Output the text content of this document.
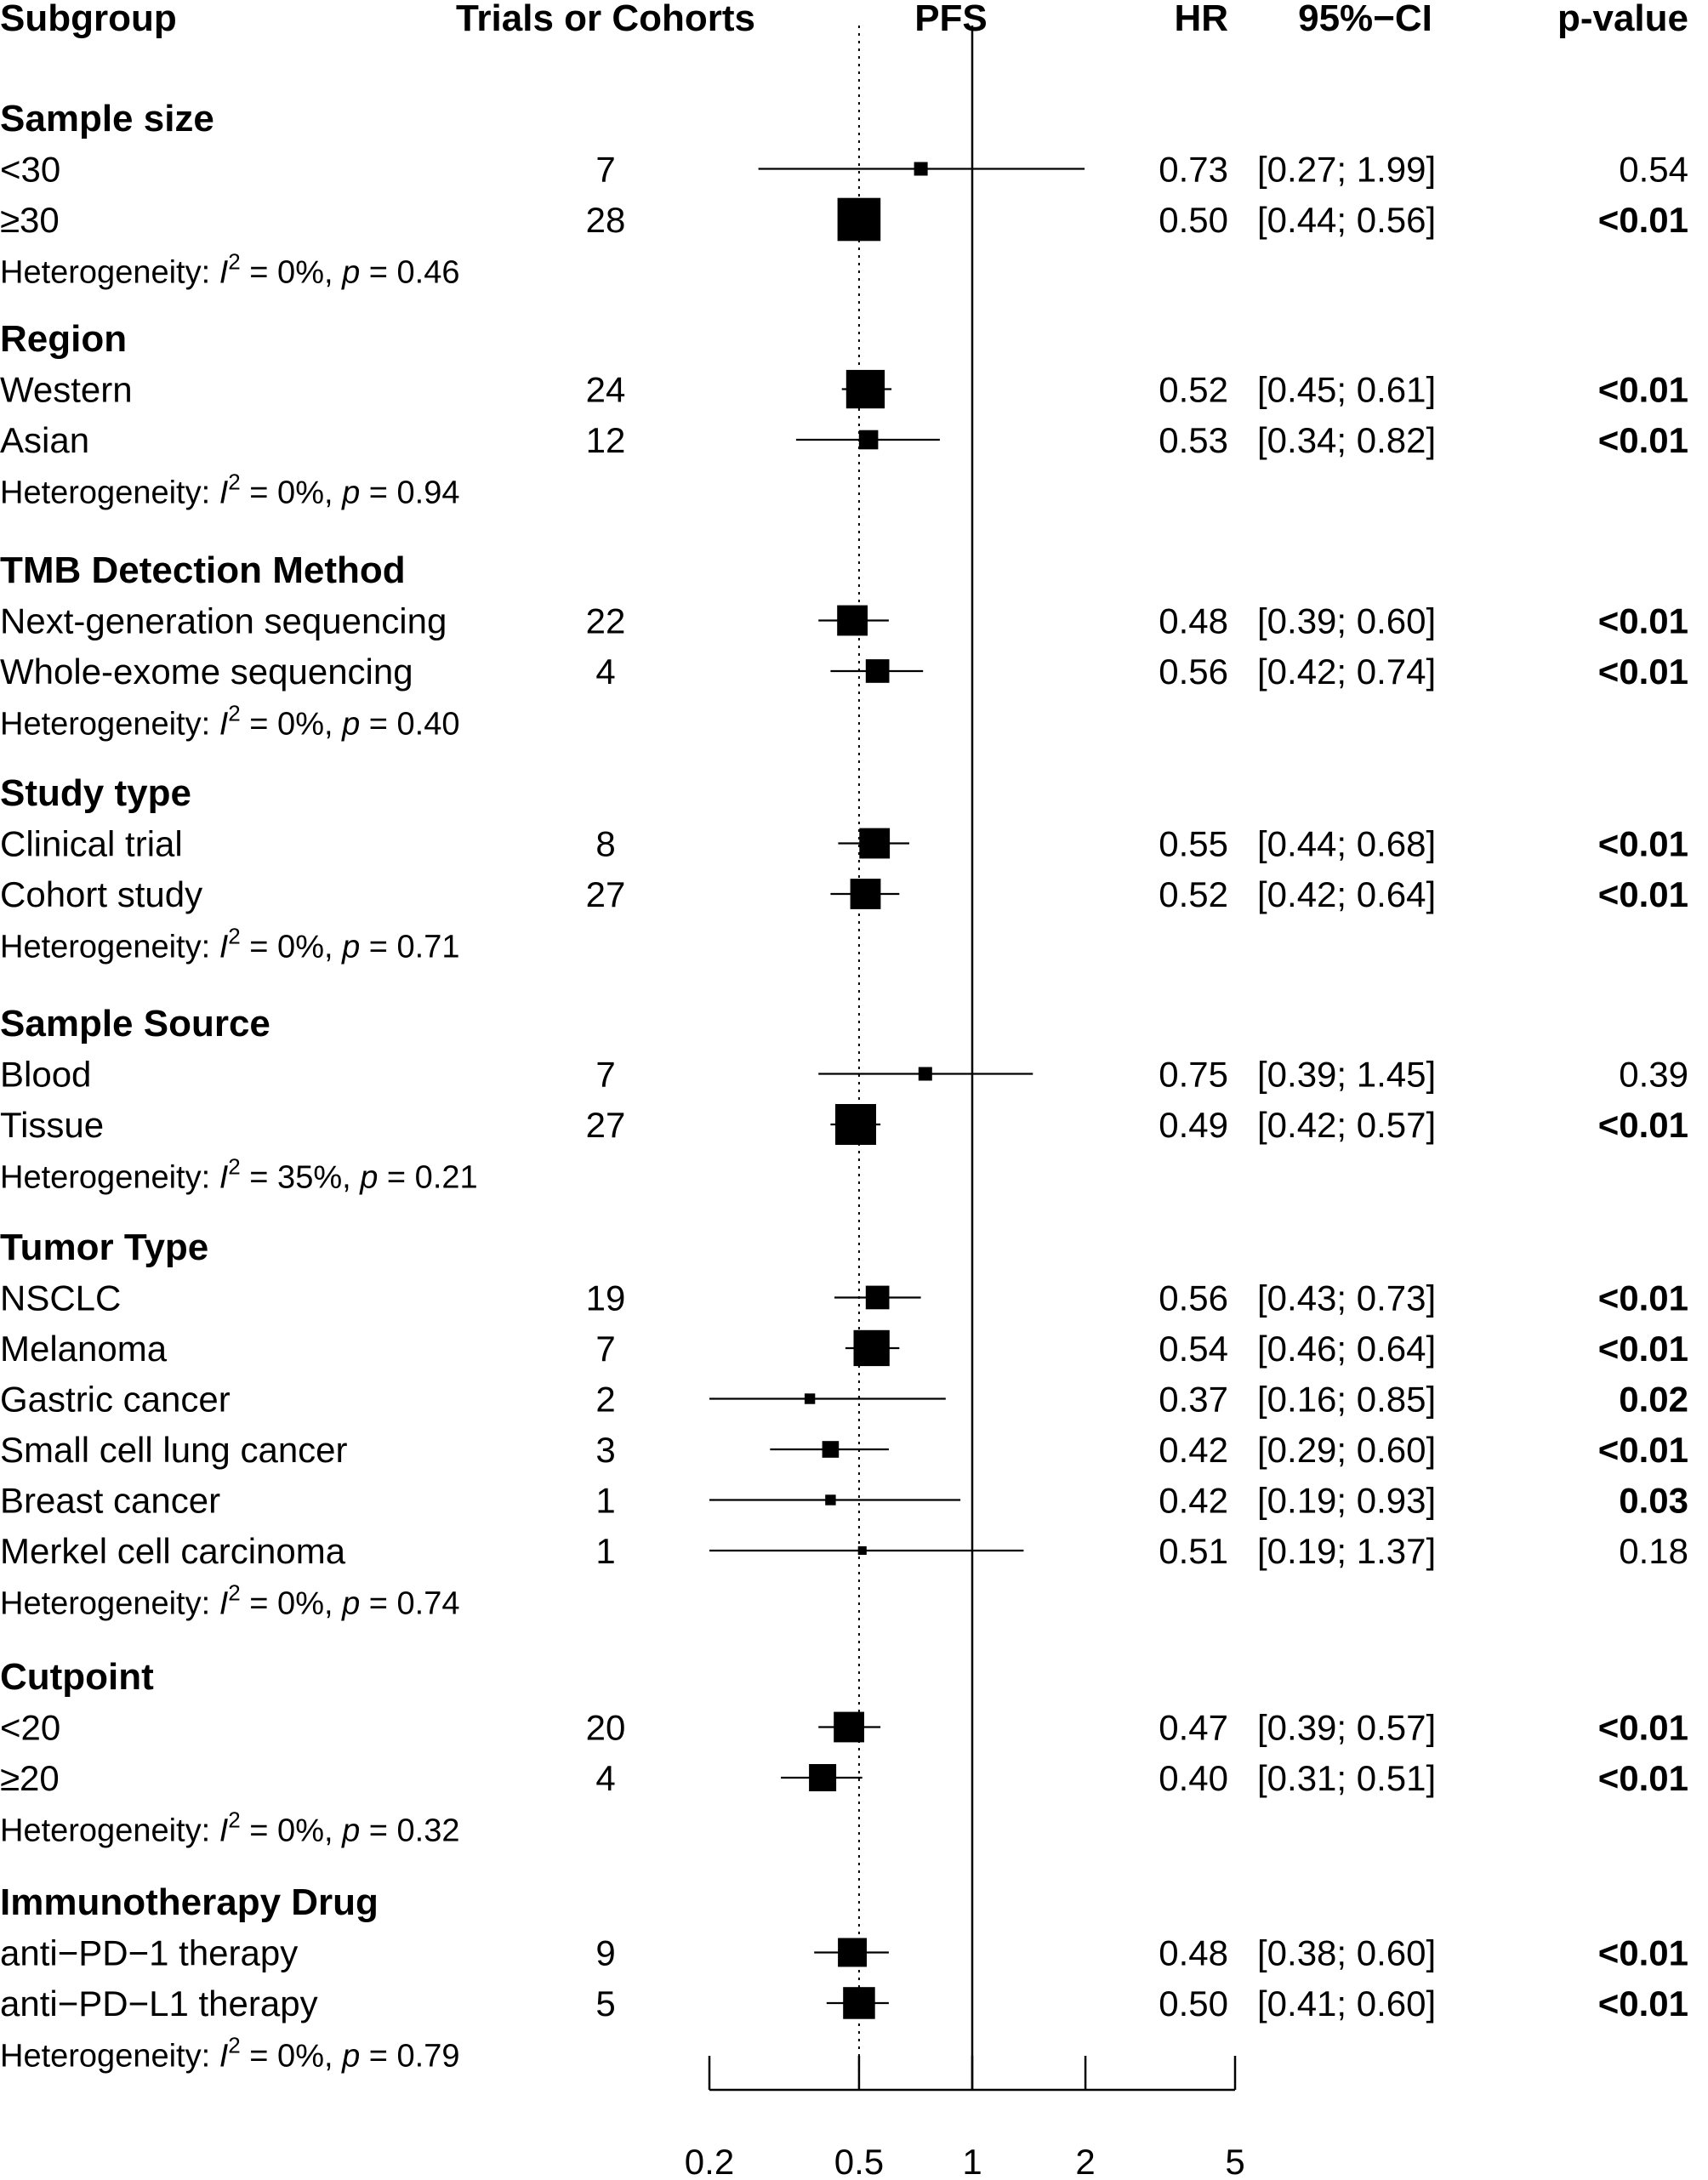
Subgroup	Trials or Cohorts	PFS	HR 95%−CI	p-value
Sample size
<30	7	0.73 [0.27; 1.99]	0.54
≥30	28	0.50 [0.44; 0.56]	<0.01
Heterogeneity: $I^2 = 0\%$, p = 0.46
Region
Western	24	0.52 [0.45; 0.61]	<0.01
Asian	12	0.53 [0.34; 0.82]	<0.01
Heterogeneity: $I^2 = 0\%$, p = 0.94
TMB Detection Method
Next-generation sequencing	22	0.48 [0.39; 0.60]	<0.01
Whole-exome sequencing	4	0.56 [0.42; 0.74]	<0.01
Heterogeneity: $I^2 = 0\%$, p = 0.40
Study type
Clinical trial	8	0.55 [0.44; 0.68]	<0.01
Cohort study	27	0.52 [0.42; 0.64]	<0.01
Heterogeneity: $I^2 = 0\%$, p = 0.71
Sample Source
Blood	7	0.75 [0.39; 1.45]	0.39
Tissue	27	0.49 [0.42; 0.57]	<0.01
Heterogeneity: $I^2 = 35\%$, p = 0.21
Tumor Type
NSCLC	19	0.56 [0.43; 0.73]	<0.01
Melanoma	7	0.54 [0.46; 0.64]	<0.01
Gastric cancer	2	0.37 [0.16; 0.85]	0.02
Small cell lung cancer	3	0.42 [0.29; 0.60]	<0.01
Breast cancer	1	0.42 [0.19; 0.93]	0.03
Merkel cell carcinoma	1	0.51 [0.19; 1.37]	0.18
Heterogeneity: $I^2 = 0\%$, p = 0.74
Cutpoint
<20	20	0.47 [0.39; 0.57]	<0.01
≥20	4	0.40 [0.31; 0.51]	<0.01
Heterogeneity: $I^2 = 0\%$, p = 0.32
Immunotherapy Drug
anti−PD−1 therapy	9	0.48 [0.38; 0.60]	<0.01
anti−PD−L1 therapy	5	0.50 [0.41; 0.60]	<0.01
Heterogeneity: $I^2 = 0\%$, p = 0.79
0.2	0.5 1	2	5
